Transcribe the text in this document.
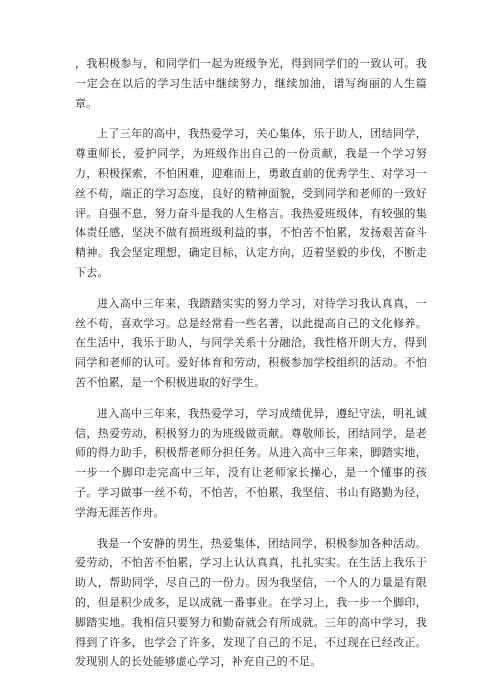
，我积极参与，和同学们一起为班级争光，得到同学们的一致认可。我一定会在以后的学习生活中继续努力，继续加油，谱写绚丽的人生篇章。

上了三年的高中，我热爱学习，关心集体，乐于助人，团结同学，尊重师长，爱护同学，为班级作出自己的一份贡献，我是一个学习努力，积极探索，不怕困难，迎难而上，勇敢直前的优秀学生、对学习一丝不苟，端正的学习态度，良好的精神面貌，受到同学和老师的一致好评。自强不息，努力奋斗是我的人生格言。我热爱班级体，有较强的集体责任感，坚决不做有损班级利益的事，不怕苦不怕累，发扬艰苦奋斗精神。我会坚定理想，确定目标，认定方向，迈着坚毅的步伐，不断走下去。

进入高中三年来，我踏踏实实的努力学习，对待学习我认真真，一丝不苟，喜欢学习。总是经常看一些名著，以此提高自己的文化修养。在生活中，我乐于助人，与同学关系十分融洽，我性格开朗大方，得到同学和老师的认可。爱好体育和劳动，积极参加学校组织的活动。不怕苦不怕累，是一个积极进取的好学生。

进入高中三年来，我热爱学习，学习成绩优异，遵纪守法，明礼诚信，热爱劳动，积极努力的为班级做贡献。尊敬师长，团结同学，是老师的得力助手，积极帮老师分担任务。从进入高中三年来，脚踏实地，一步一个脚印走完高中三年，没有让老师家长操心，是一个懂事的孩子。学习做事一丝不苟，不怕苦，不怕累，我坚信、书山有路勤为径，学海无涯苦作舟。

我是一个安静的男生，热爱集体，团结同学，积极参加各种活动。爱劳动，不怕苦不怕累，学习上认认真真，扎扎实实。在生活上我乐于助人，帮助同学，尽自己的一份力。因为我坚信，一个人的力量是有限的，但是积少成多，足以成就一番事业。在学习上，我一步一个脚印，脚踏实地。我相信只要努力和勤奋就会有所成就。三年的高中学习，我得到了许多，也学会了许多，发现了自己的不足，不过现在已经改正。发现别人的长处能够虚心学习，补充自己的不足。
